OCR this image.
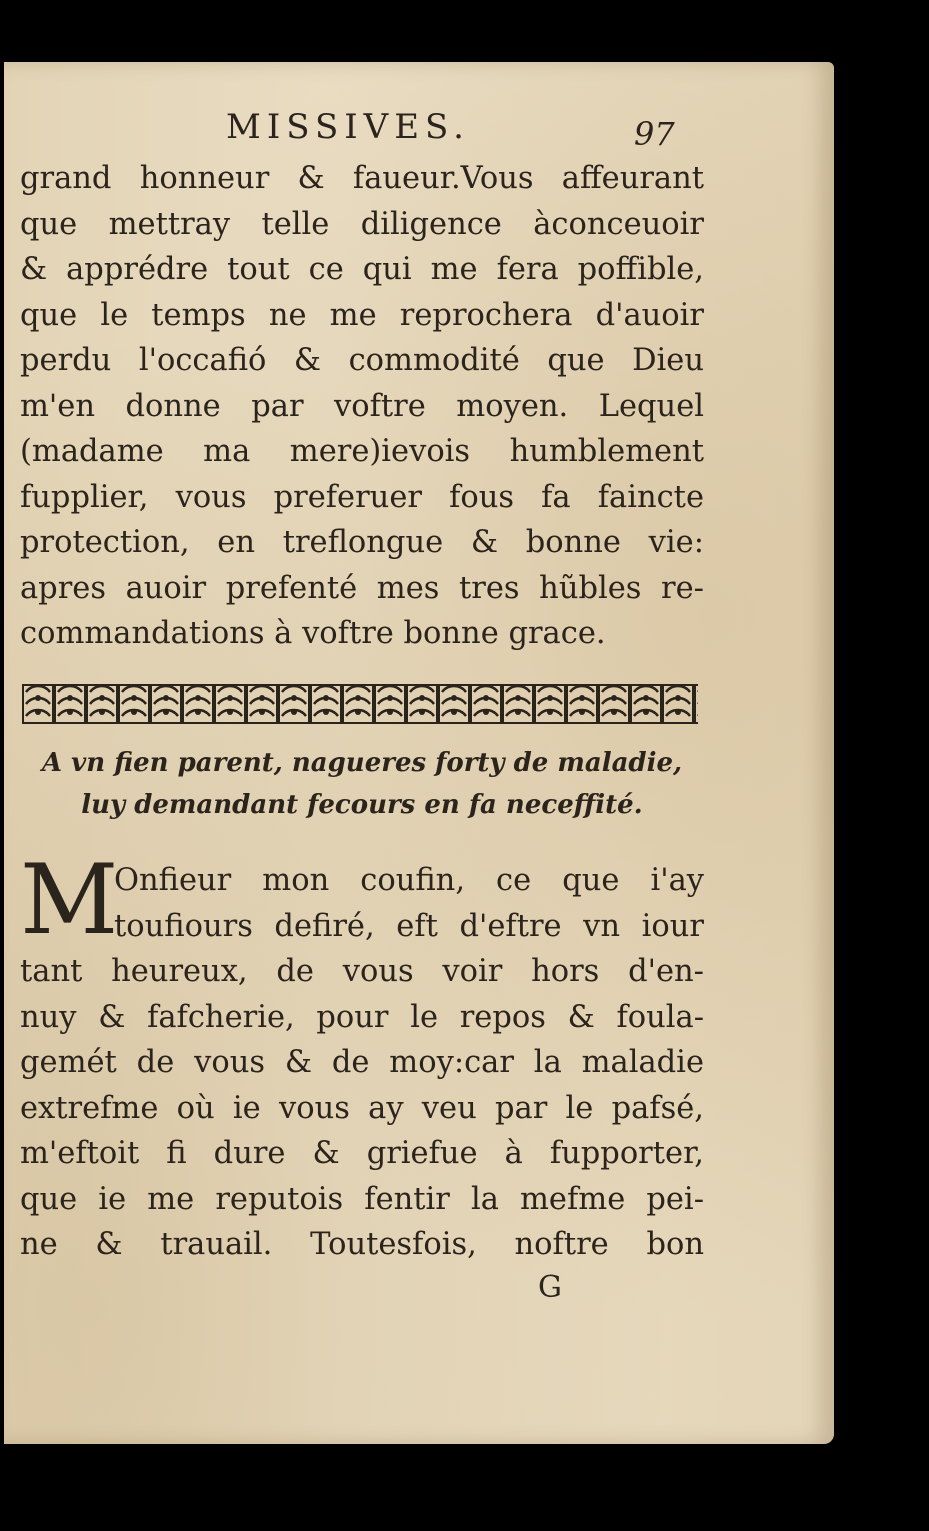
MISSIVES.	97
grand honneur & faueur.Vous affeurant
que mettray telle diligence àconceuoir
& apprédre tout ce qui me fera poffible,
que le temps ne me reprochera d'auoir
perdu l'occafió & commodité que Dieu
m'en donne par voftre moyen. Lequel
(madame ma mere)ievois humblement
fupplier, vous preferuer fous fa faincte
protection, en treflongue & bonne vie:
apres auoir prefenté mes tres hũbles re-
commandations à voftre bonne grace.
A vn fien parent, nagueres forty de maladie,
luy demandant fecours en fa neceffité.
M
Onfieur mon coufin, ce que i'ay
toufiours defiré, eft d'eftre vn iour
tant heureux, de vous voir hors d'en-
nuy & fafcherie, pour le repos & foula-
gemét de vous & de moy:car la maladie
extrefme où ie vous ay veu par le pafsé,
m'eftoit fi dure & griefue à fupporter,
que ie me reputois fentir la mefme pei-
ne & trauail. Toutesfois, noftre bon
G
